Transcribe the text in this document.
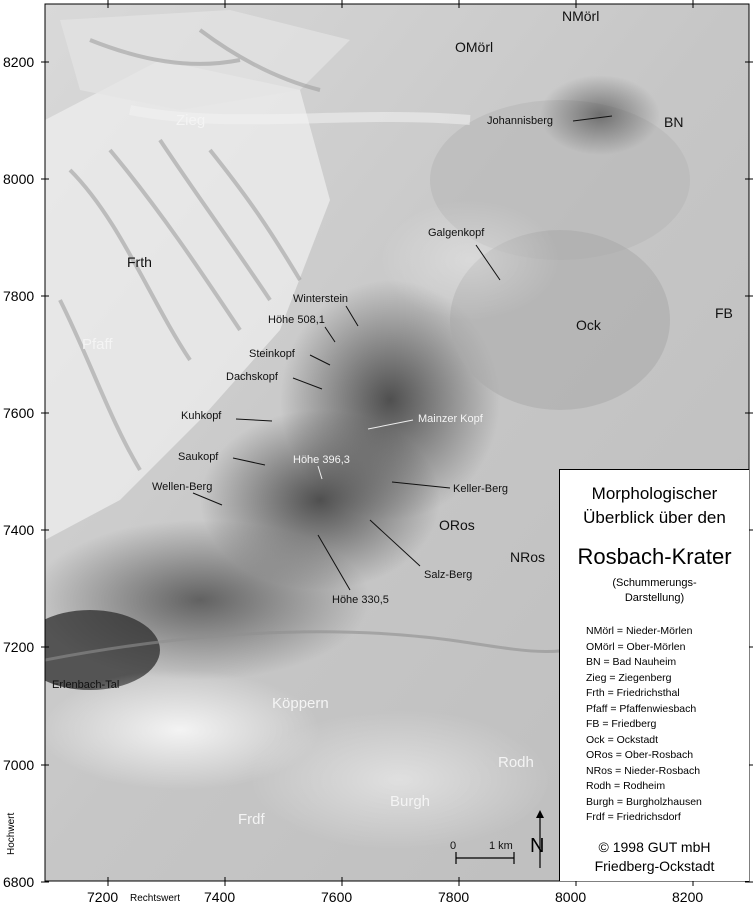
8200
8000
7800
7600
7400
7200
7000
6800
Hochwert
7200	7400	7600	7800	8000	8200
Rechtswert
NMörl
OMörl
BN
Zieg
Frth
Pfaff
FB
Ock
ORos
NRos
Köppern
Rodh
Burgh
Frdf
Johannisberg
Galgenkopf
Winterstein
Höhe 508,1
Steinkopf
Dachskopf
Kuhkopf	Mainzer Kopf
Saukopf	Höhe 396,3
Wellen-Berg	Keller-Berg
Salz-Berg
Höhe 330,5
Erlenbach-Tal
0	1 km N
Morphologischer
Überblick über den
Rosbach-Krater
(Schummerungs-
Darstellung)
NMörl = Nieder-Mörlen
OMörl = Ober-Mörlen
BN = Bad Nauheim
Zieg = Ziegenberg
Frth = Friedrichsthal
Pfaff = Pfaffenwiesbach
FB = Friedberg
Ock = Ockstadt
ORos = Ober-Rosbach
NRos = Nieder-Rosbach
Rodh = Rodheim
Burgh = Burgholzhausen
Frdf = Friedrichsdorf
© 1998 GUT mbH
Friedberg-Ockstadt
